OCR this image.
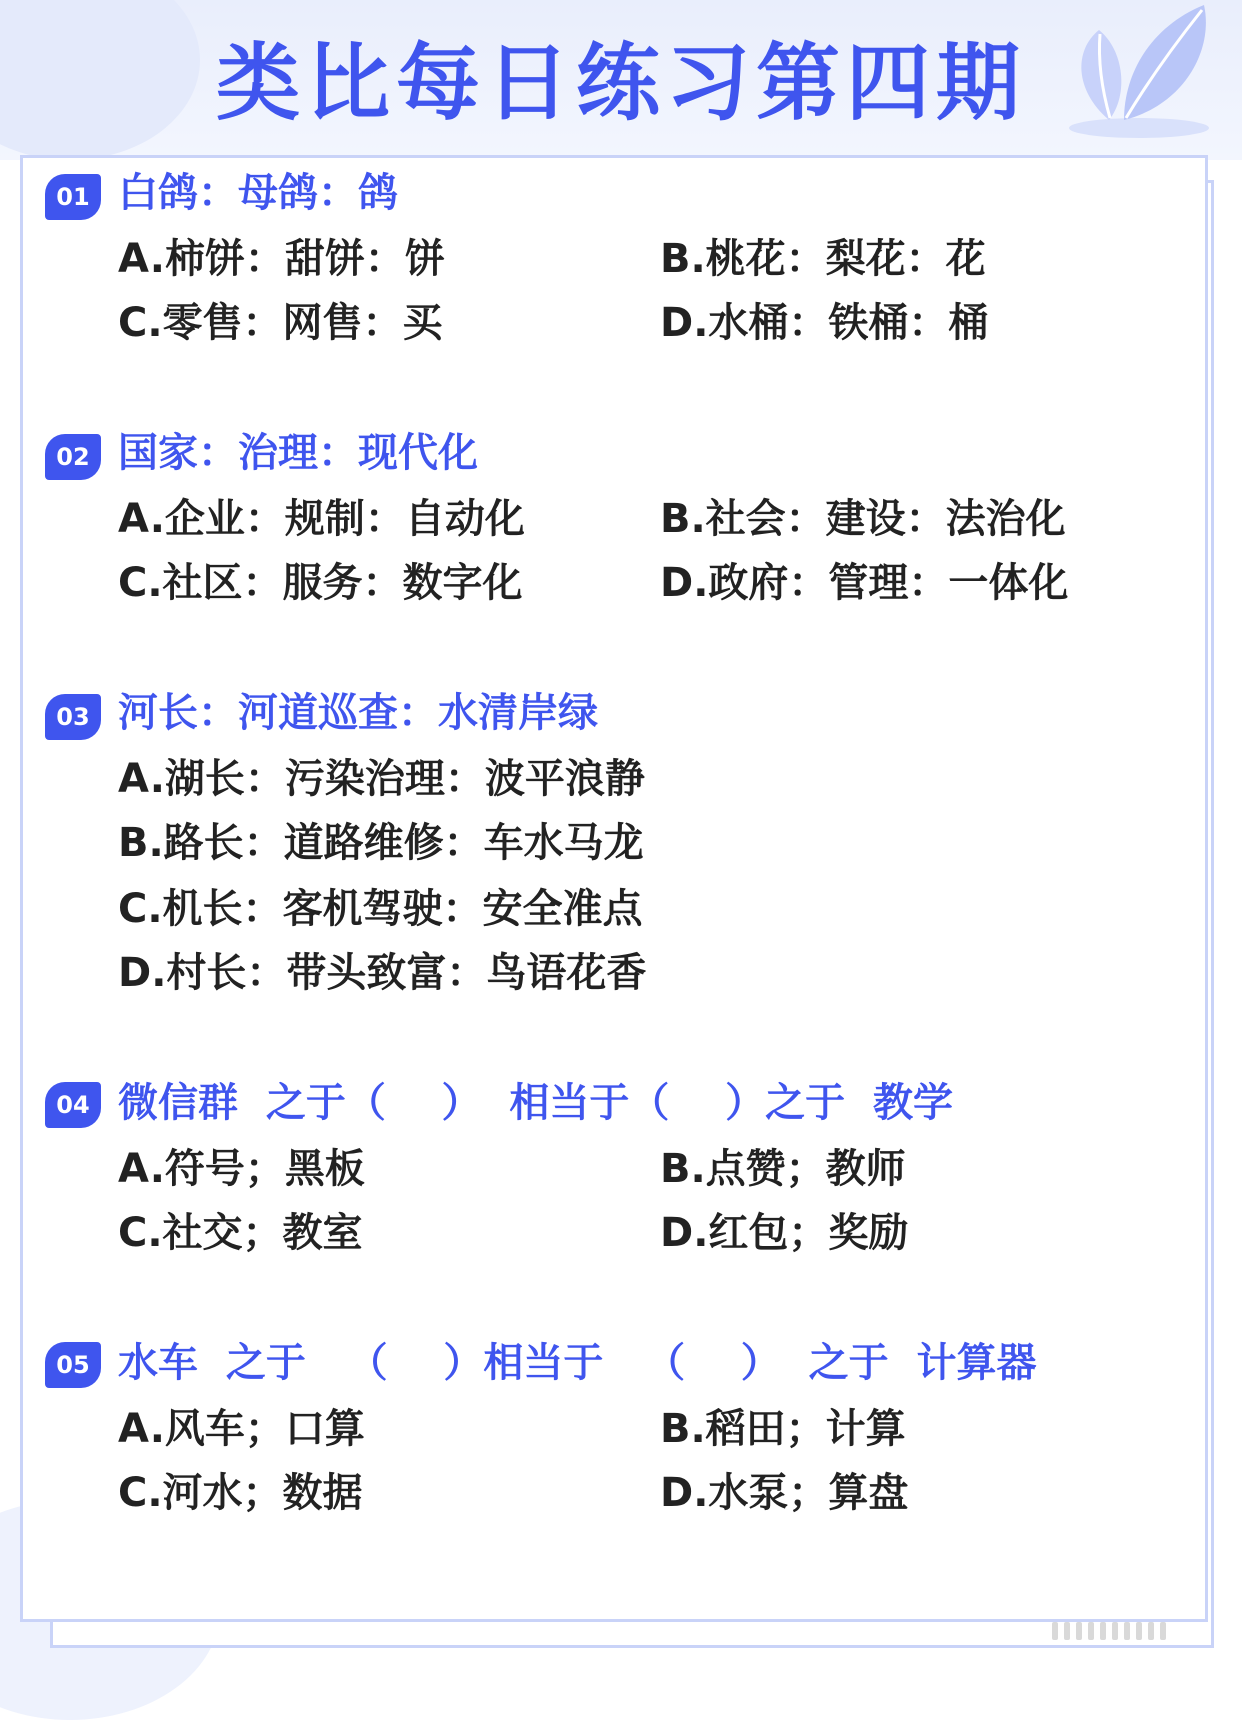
类比每日练习第四期
01 白鸽：母鸽：鸽
A.柿饼：甜饼：饼	B.桃花：梨花：花
C.零售：网售：买	D.水桶：铁桶：桶
02 国家：治理：现代化
A.企业：规制：自动化	B.社会：建设：法治化
C.社区：服务：数字化	D.政府：管理：一体化
03 河长：河道巡查：水清岸绿
A.湖长：污染治理：波平浪静
B.路长：道路维修：车水马龙
C.机长：客机驾驶：安全准点
D.村长：带头致富：鸟语花香
04 微信群  之于（    ）  相当于（    ）之于  教学
A.符号；黑板	B.点赞；教师
C.社交；教室	D.红包；奖励
05 水车  之于   （    ）相当于   （    ）  之于  计算器
A.风车；口算	B.稻田；计算
C.河水；数据	D.水泵；算盘
